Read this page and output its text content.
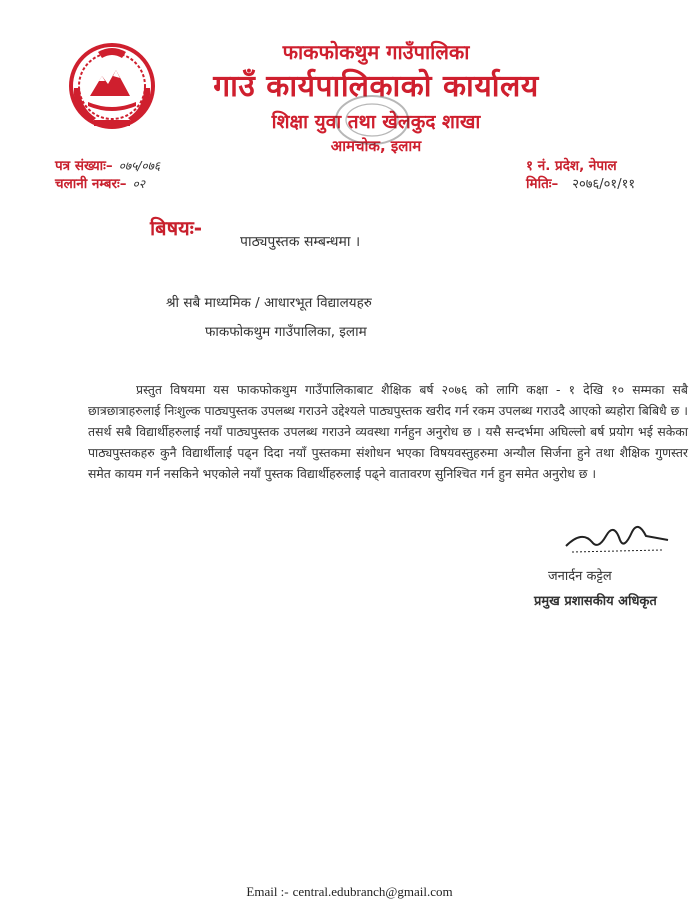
फाकफोकथुम गाउँपालिका
गाउँ कार्यपालिकाको कार्यालय
शिक्षा युवा तथा खेलकुद शाखा
आमचोक, इलाम
पत्र संख्याः– ०७५/०७६
चलानी नम्बरः– ०२
१ नं. प्रदेश, नेपाल
मितिः– २०७६/०१/११
बिषयः-
पाठ्यपुस्तक सम्बन्धमा ।
श्री सबै माध्यमिक / आधारभूत विद्यालयहरु
फाकफोकथुम गाउँपालिका, इलाम
प्रस्तुत विषयमा यस फाकफोकथुम गाउँपालिकाबाट शैक्षिक बर्ष २०७६ को लागि कक्षा - १ देखि १० सम्मका सबै छात्रछात्राहरुलाई निःशुल्क पाठ्यपुस्तक उपलब्ध गराउने उद्देश्यले पाठ्यपुस्तक खरीद गर्न रकम उपलब्ध गराउदै आएको ब्यहोरा बिबिधै छ । तसर्थ सबै विद्यार्थीहरुलाई नयाँ पाठ्यपुस्तक उपलब्ध गराउने व्यवस्था गर्नहुन अनुरोध छ । यसै सन्दर्भमा अघिल्लो बर्ष प्रयोग भई सकेका पाठ्यपुस्तकहरु कुनै विद्यार्थीलाई पढ्न दिदा नयाँ पुस्तकमा संशोधन भएका विषयवस्तुहरुमा अन्यौल सिर्जना हुने तथा शैक्षिक गुणस्तर समेत कायम गर्न नसकिने भएकोले नयाँ पुस्तक विद्यार्थीहरुलाई पढ्ने वातावरण सुनिश्चित गर्न हुन समेत अनुरोध छ ।
जनार्दन कट्टेल
प्रमुख प्रशासकीय अधिकृत
Email :- central.edubranch@gmail.com
